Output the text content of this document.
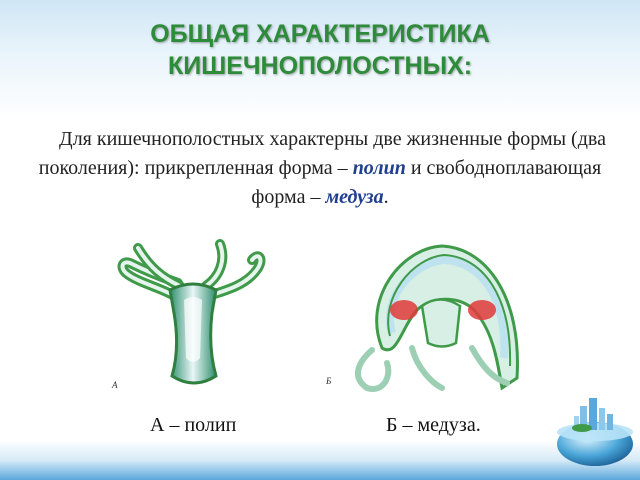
ОБЩАЯ ХАРАКТЕРИСТИКА
КИШЕЧНОПОЛОСТНЫХ:
Для кишечнополостных характерны две жизненные формы (два поколения): прикрепленная форма – полип и свободноплавающая форма – медуза.
А	Б
А – полип	Б – медуза.
